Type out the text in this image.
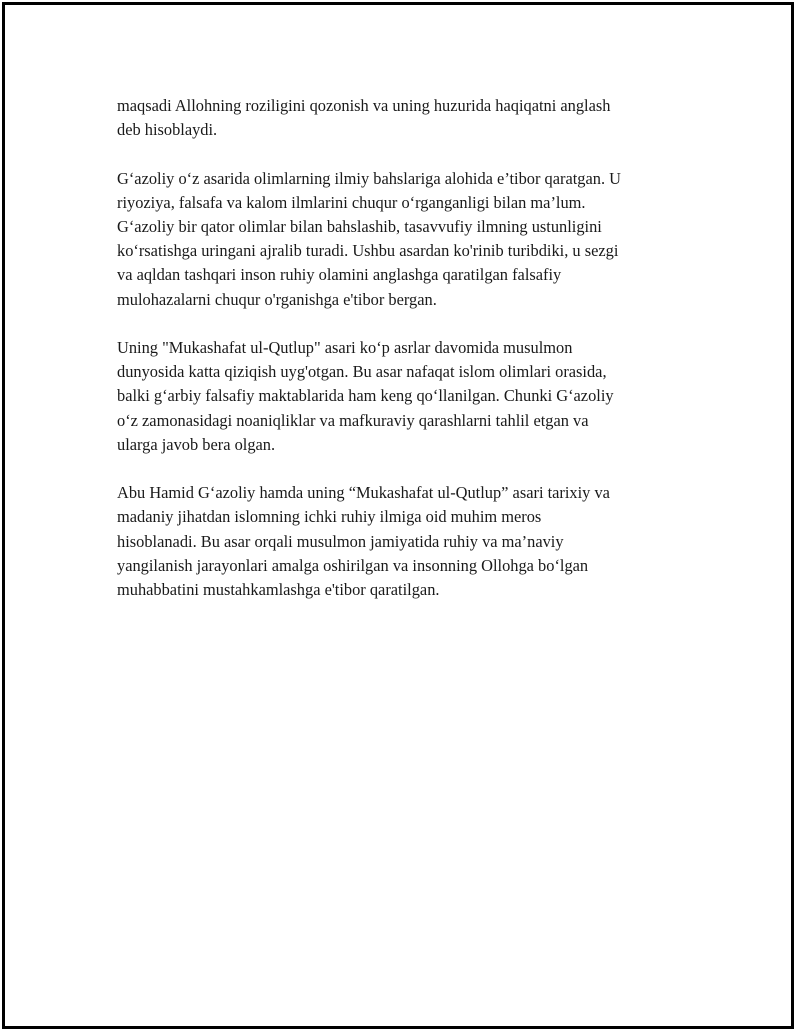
maqsadi Allohning roziligini qozonish va uning huzurida haqiqatni anglash
deb hisoblaydi.

G‘azoliy o‘z asarida olimlarning ilmiy bahslariga alohida e’tibor qaratgan. U
riyoziya, falsafa va kalom ilmlarini chuqur o‘rganganligi bilan ma’lum.
G‘azoliy bir qator olimlar bilan bahslashib, tasavvufiy ilmning ustunligini
ko‘rsatishga uringani ajralib turadi. Ushbu asardan ko'rinib turibdiki, u sezgi
va aqldan tashqari inson ruhiy olamini anglashga qaratilgan falsafiy
mulohazalarni chuqur o'rganishga e'tibor bergan.

Uning "Mukashafat ul-Qutlup" asari ko‘p asrlar davomida musulmon
dunyosida katta qiziqish uyg'otgan. Bu asar nafaqat islom olimlari orasida,
balki g‘arbiy falsafiy maktablarida ham keng qo‘llanilgan. Chunki G‘azoliy
o‘z zamonasidagi noaniqliklar va mafkuraviy qarashlarni tahlil etgan va
ularga javob bera olgan.

Abu Hamid G‘azoliy hamda uning “Mukashafat ul-Qutlup” asari tarixiy va
madaniy jihatdan islomning ichki ruhiy ilmiga oid muhim meros
hisoblanadi. Bu asar orqali musulmon jamiyatida ruhiy va ma’naviy
yangilanish jarayonlari amalga oshirilgan va insonning Ollohga bo‘lgan
muhabbatini mustahkamlashga e'tibor qaratilgan.
